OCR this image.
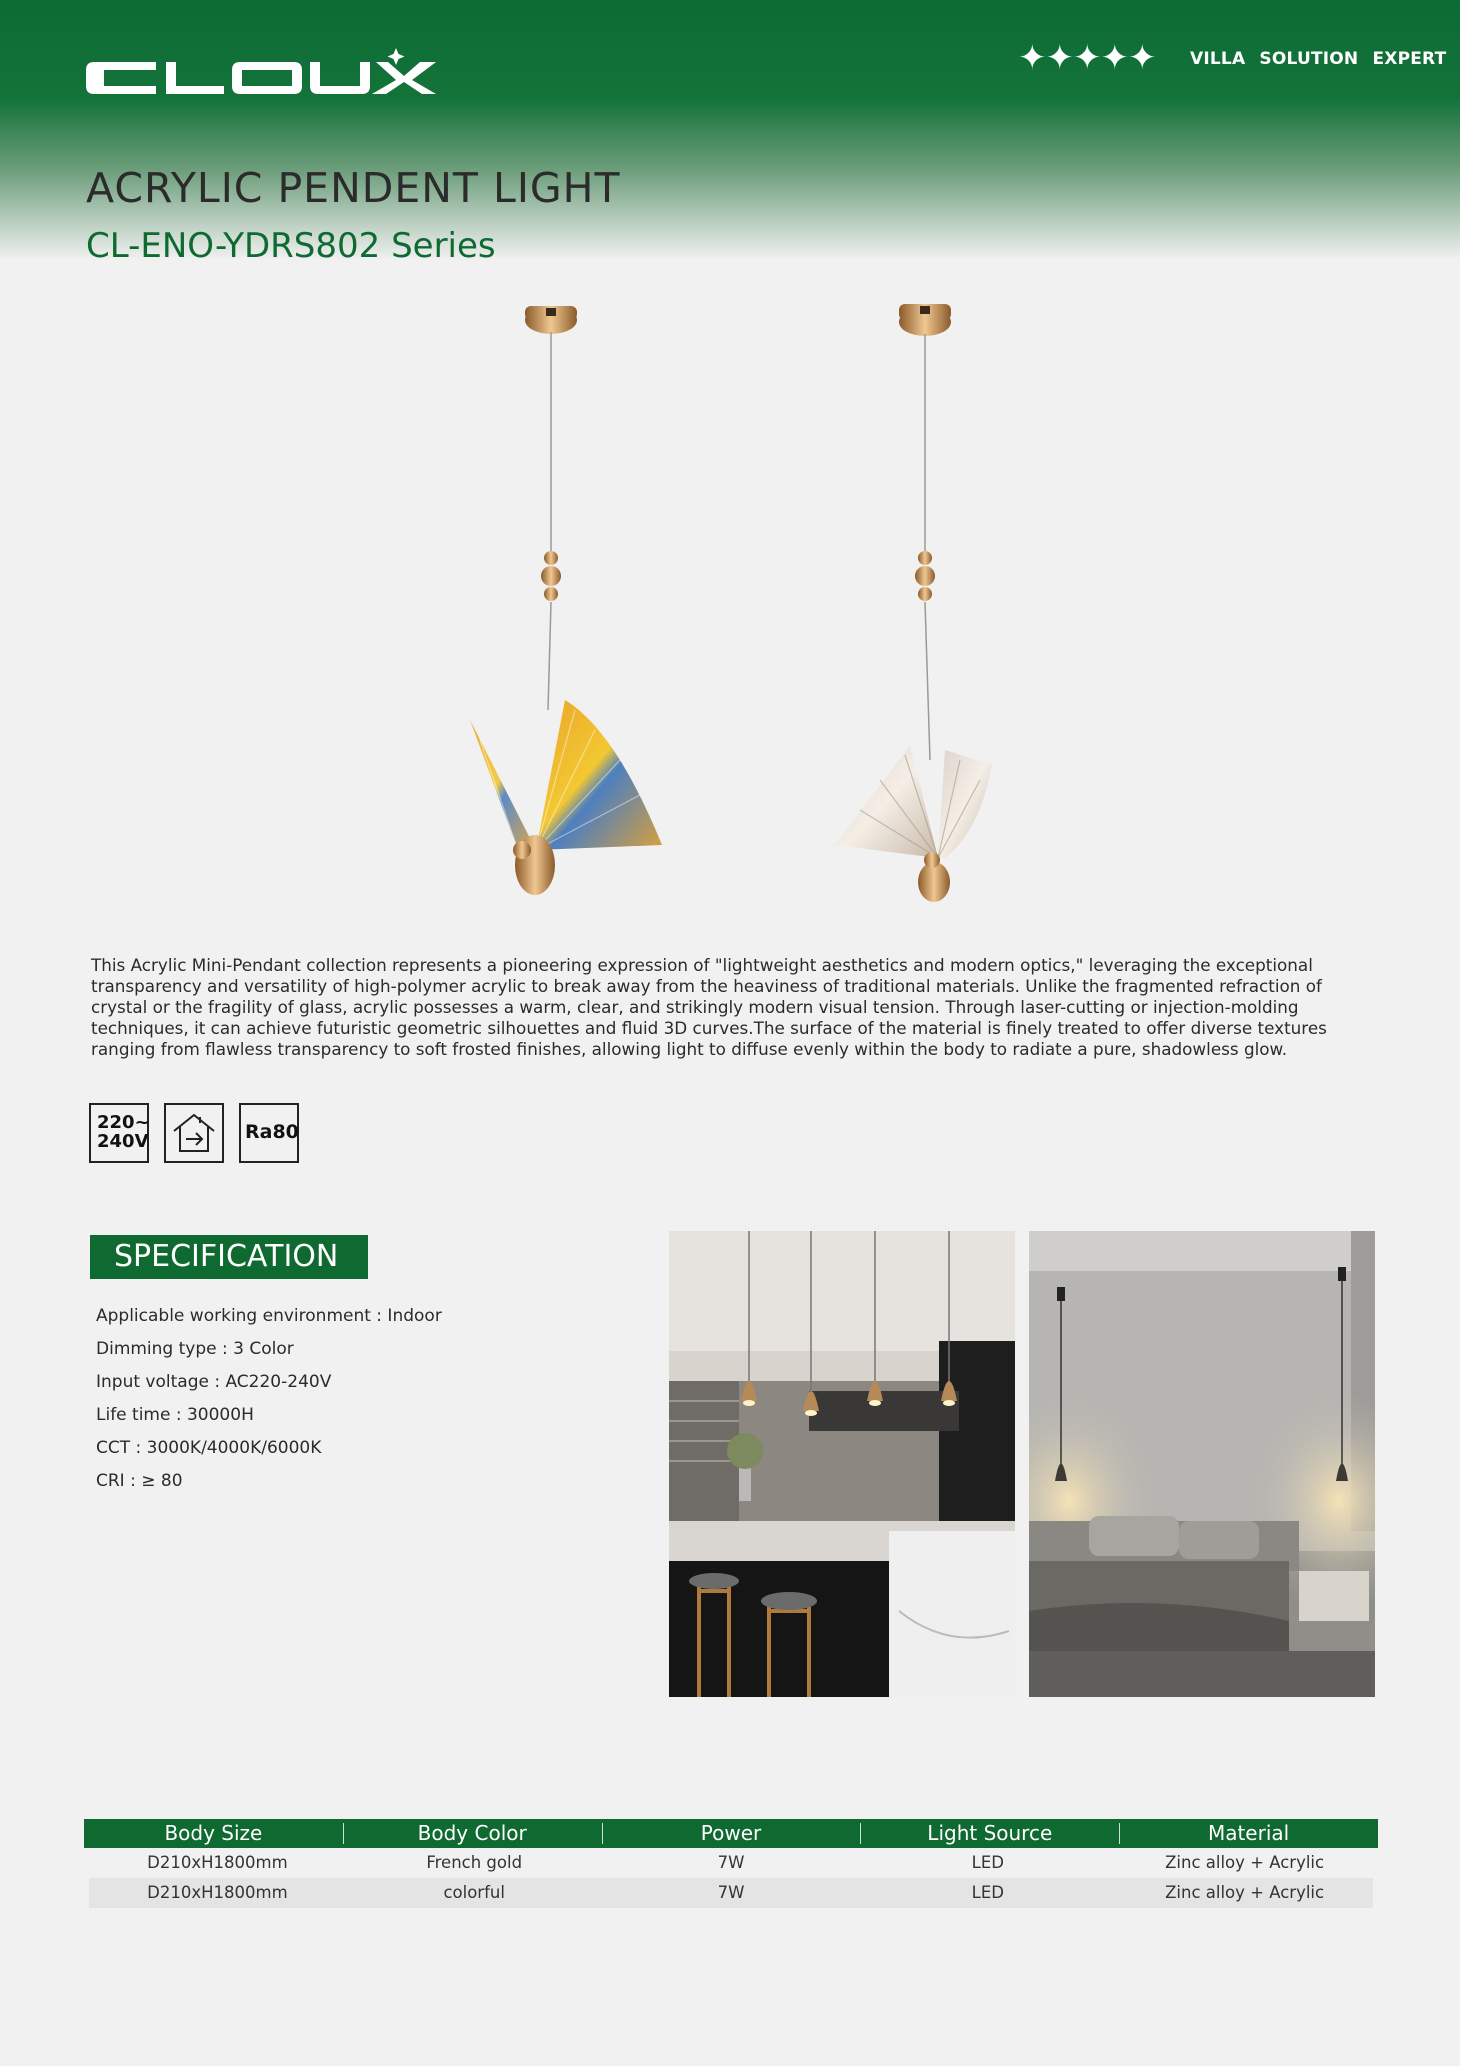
✦ ✦ ✦ ✦ ✦ VILLA SOLUTION EXPERT
ACRYLIC PENDENT LIGHT
CL-ENO-YDRS802 Series

This Acrylic Mini-Pendant collection represents a pioneering expression of "lightweight aesthetics and modern optics," leveraging the exceptional transparency and versatility of high-polymer acrylic to break away from the heaviness of traditional materials. Unlike the fragmented refraction of crystal or the fragility of glass, acrylic possesses a warm, clear, and strikingly modern visual tension. Through laser-cutting or injection-molding techniques, it can achieve futuristic geometric silhouettes and fluid 3D curves.The surface of the material is finely treated to offer diverse textures ranging from flawless transparency to soft frosted finishes, allowing light to diffuse evenly within the body to radiate a pure, shadowless glow.

220~
240V	Ra80
SPECIFICATION
Applicable working environment : Indoor
Dimming type : 3 Color
Input voltage : AC220-240V
Life time : 30000H
CCT : 3000K/4000K/6000K
CRI : ≥ 80
Body Size	Body Color	Power	Light Source	Material
D210xH1800mm	French gold	7W	LED	Zinc alloy + Acrylic
D210xH1800mm	colorful	7W	LED	Zinc alloy + Acrylic
